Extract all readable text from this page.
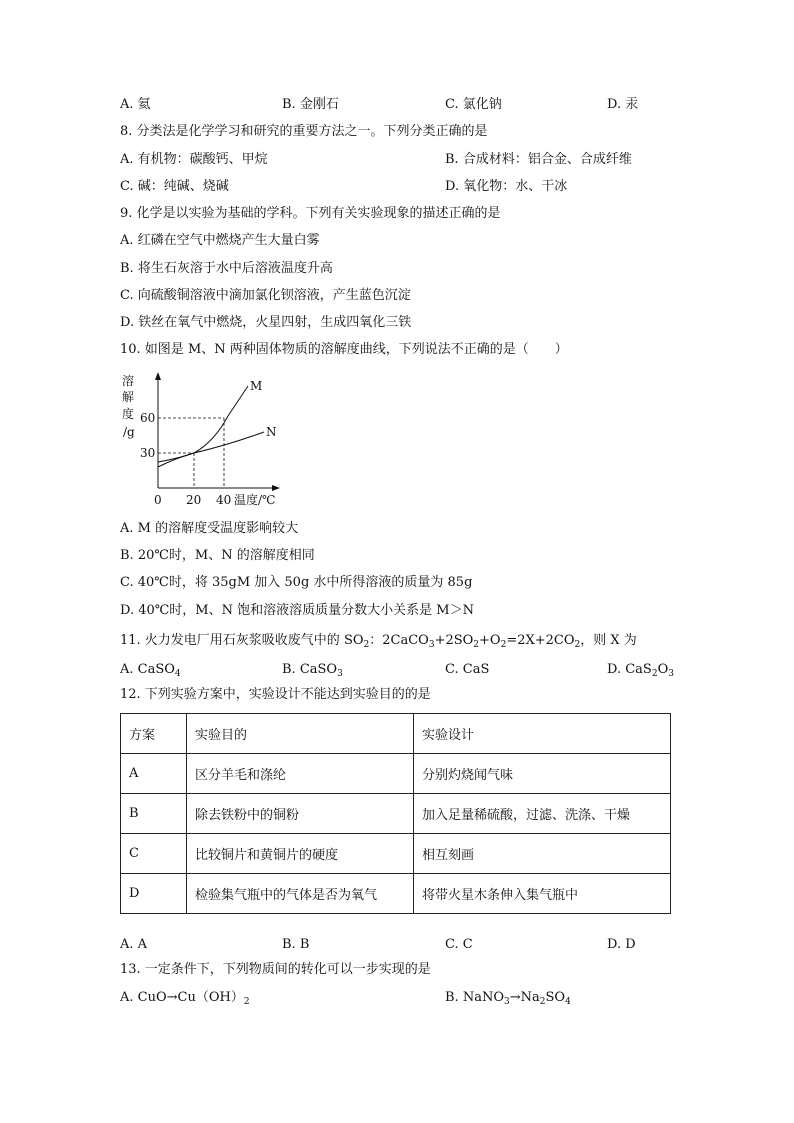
A. 氦	B. 金刚石	C. 氯化钠	D. 汞
8. 分类法是化学学习和研究的重要方法之一。下列分类正确的是
A. 有机物：碳酸钙、甲烷	B. 合成材料：铝合金、合成纤维
C. 碱：纯碱、烧碱	D. 氧化物：水、干冰
9. 化学是以实验为基础的学科。下列有关实验现象的描述正确的是
A. 红磷在空气中燃烧产生大量白雾
B. 将生石灰溶于水中后溶液温度升高
C. 向硫酸铜溶液中滴加氯化钡溶液，产生蓝色沉淀
D. 铁丝在氧气中燃烧，火星四射，生成四氧化三铁
10. 如图是 M、N 两种固体物质的溶解度曲线，下列说法不正确的是（　　）
溶
解
度
/g
M
N
60
30
0 20 40 温度/℃
A. M 的溶解度受温度影响较大
B. 20℃时，M、N 的溶解度相同
C. 40℃时，将 35gM 加入 50g 水中所得溶液的质量为 85g
D. 40℃时，M、N 饱和溶液溶质质量分数大小关系是 M＞N
11. 火力发电厂用石灰浆吸收废气中的 $SO_2$：$2CaCO_3+2SO_2+O_2=2X+2CO_2$，则 X 为
A. CaSO$_4$	B. CaSO$_3$	C. CaS	D. $CaS_2O_3$
12. 下列实验方案中，实验设计不能达到实验目的的是
方案	实验目的	实验设计
A	区分羊毛和涤纶	分别灼烧闻气味
B	除去铁粉中的铜粉	加入足量稀硫酸，过滤、洗涤、干燥
C	比较铜片和黄铜片的硬度	相互刻画
D	检验集气瓶中的气体是否为氧气	将带火星木条伸入集气瓶中
A. A	B. B	C. C	D. D
13. 一定条件下，下列物质间的转化可以一步实现的是
A. $CuO\to Cu(OH)_2$	B. $NaNO_3\to Na_2SO_4$
